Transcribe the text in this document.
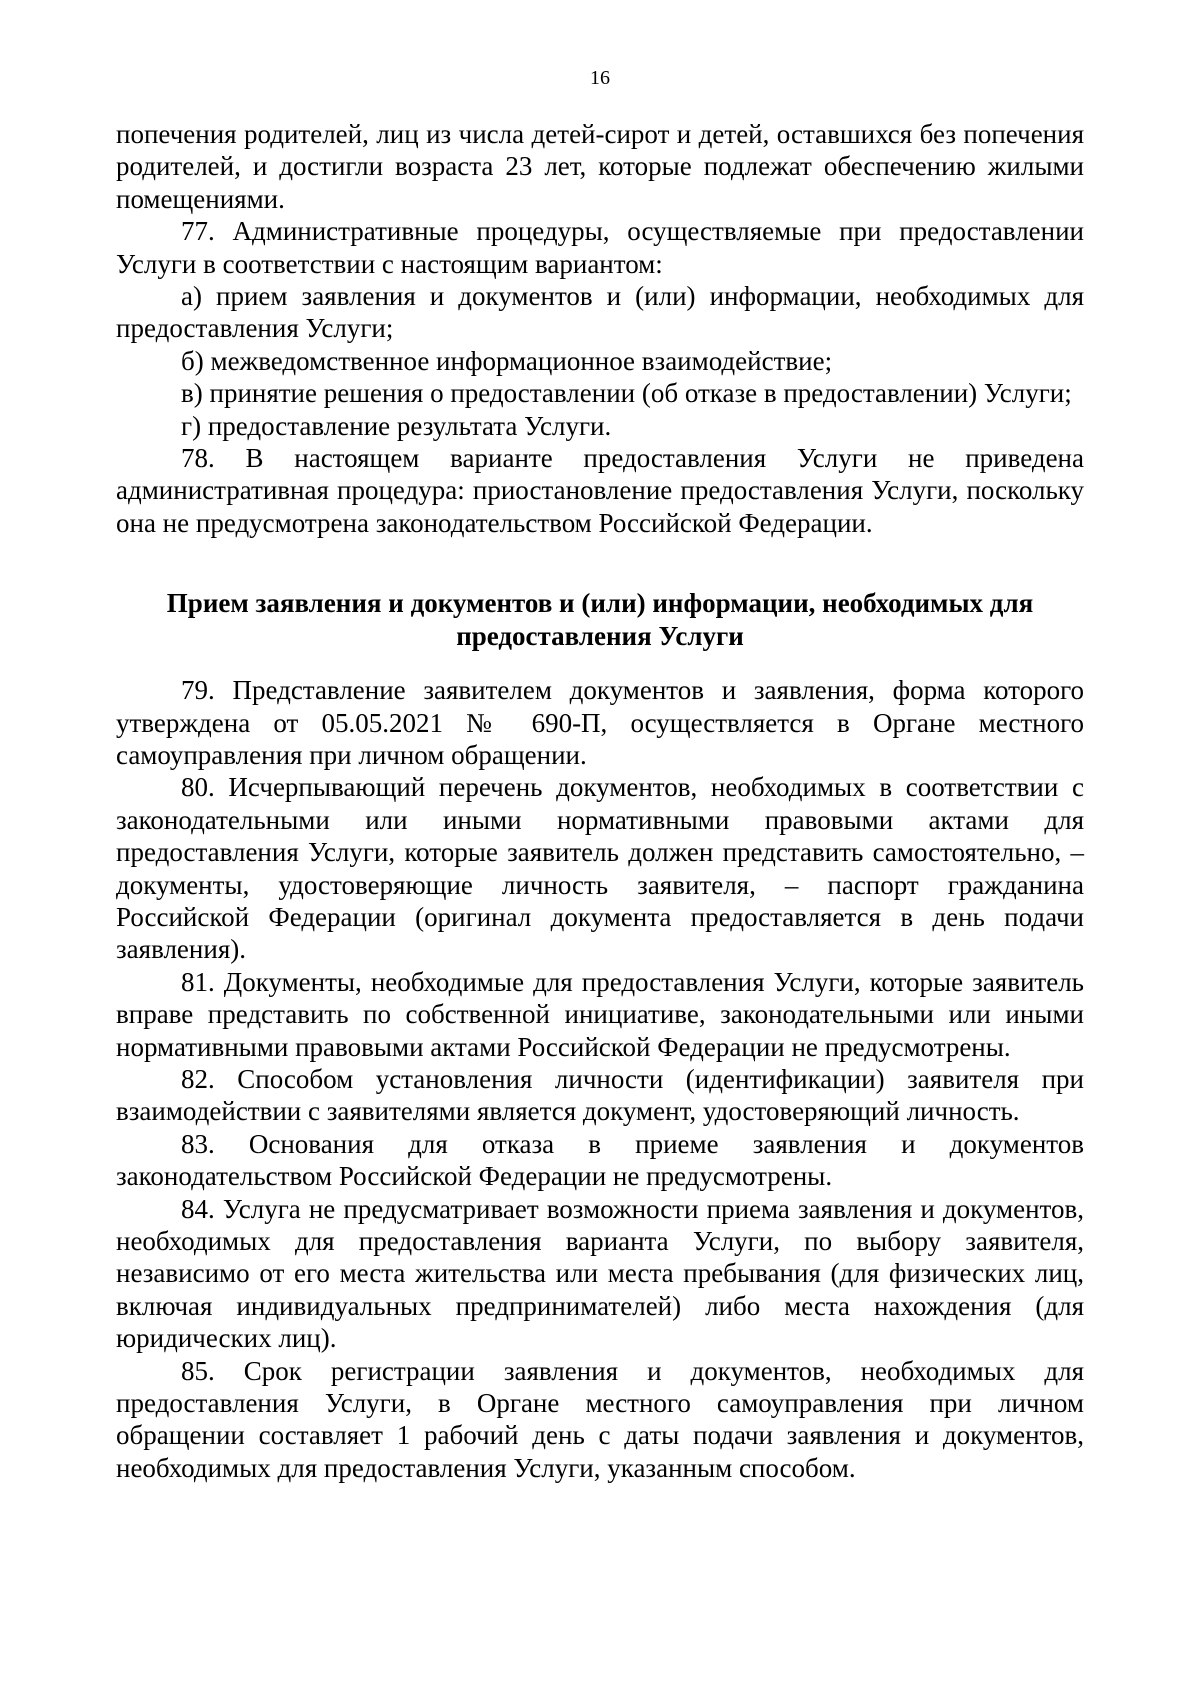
16

попечения родителей, лиц из числа детей-сирот и детей, оставшихся без попечения родителей, и достигли возраста 23 лет, которые подлежат обеспечению жилыми помещениями.

77. Административные процедуры, осуществляемые при предоставлении Услуги в соответствии с настоящим вариантом:

а) прием заявления и документов и (или) информации, необходимых для предоставления Услуги;

б) межведомственное информационное взаимодействие;

в) принятие решения о предоставлении (об отказе в предоставлении) Услуги;

г) предоставление результата Услуги.

78. В настоящем варианте предоставления Услуги не приведена административная процедура: приостановление предоставления Услуги, поскольку она не предусмотрена законодательством Российской Федерации.

Прием заявления и документов и (или) информации, необходимых для предоставления Услуги

79. Представление заявителем документов и заявления, форма которого утверждена от 05.05.2021 № 690-П, осуществляется в Органе местного самоуправления при личном обращении.

80. Исчерпывающий перечень документов, необходимых в соответствии с законодательными или иными нормативными правовыми актами для предоставления Услуги, которые заявитель должен представить самостоятельно, – документы, удостоверяющие личность заявителя, – паспорт гражданина Российской Федерации (оригинал документа предоставляется в день подачи заявления).

81. Документы, необходимые для предоставления Услуги, которые заявитель вправе представить по собственной инициативе, законодательными или иными нормативными правовыми актами Российской Федерации не предусмотрены.

82. Способом установления личности (идентификации) заявителя при взаимодействии с заявителями является документ, удостоверяющий личность.

83. Основания для отказа в приеме заявления и документов законодательством Российской Федерации не предусмотрены.

84. Услуга не предусматривает возможности приема заявления и документов, необходимых для предоставления варианта Услуги, по выбору заявителя, независимо от его места жительства или места пребывания (для физических лиц, включая индивидуальных предпринимателей) либо места нахождения (для юридических лиц).

85. Срок регистрации заявления и документов, необходимых для предоставления Услуги, в Органе местного самоуправления при личном обращении составляет 1 рабочий день с даты подачи заявления и документов, необходимых для предоставления Услуги, указанным способом.
